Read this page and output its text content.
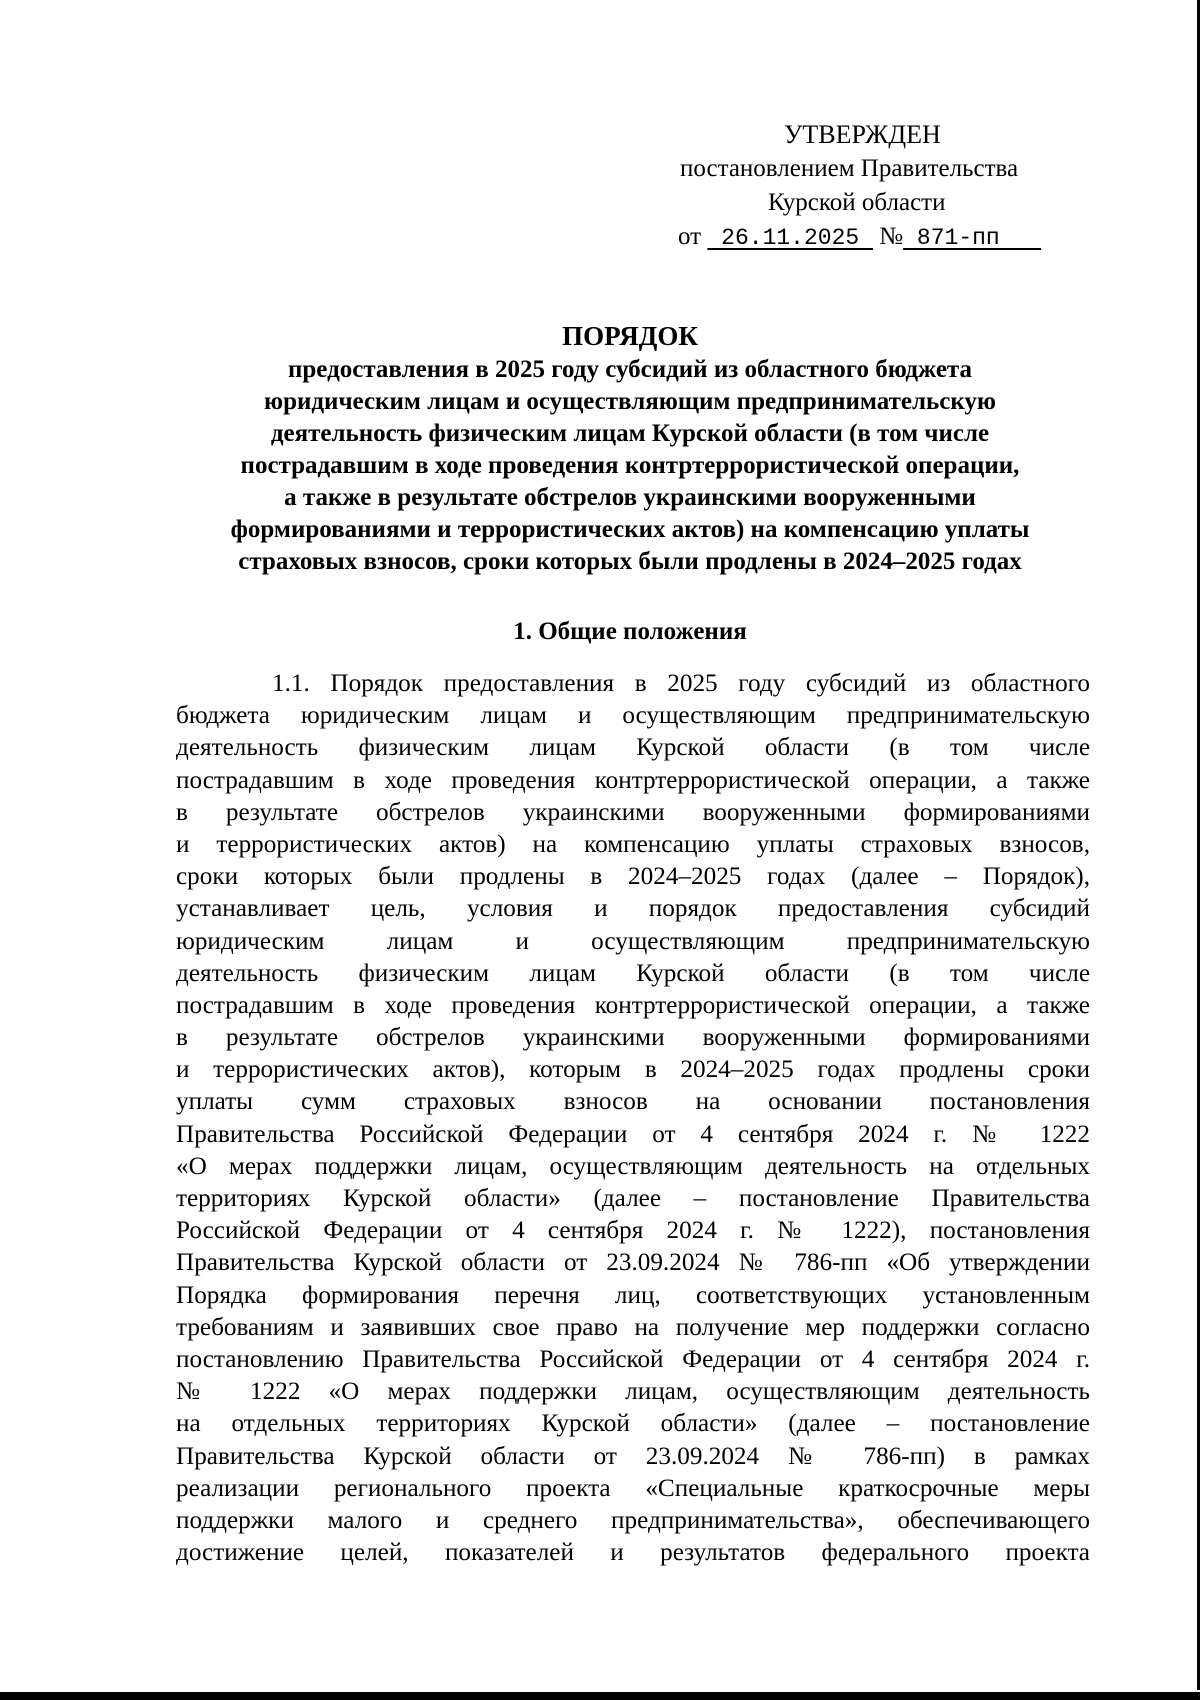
УТВЕРЖДЕН
постановлением Правительства
Курской области
от  26.11.2025  № 871-пп
ПОРЯДОК
предоставления в 2025 году субсидий из областного бюджета
юридическим лицам и осуществляющим предпринимательскую
деятельность физическим лицам Курской области (в том числе
пострадавшим в ходе проведения контртеррористической операции,
а также в результате обстрелов украинскими вооруженными
формированиями и террористических актов) на компенсацию уплаты
страховых взносов, сроки которых были продлены в 2024–2025 годах
1. Общие положения
1.1. Порядок предоставления в 2025 году субсидий из областного
бюджета юридическим лицам и осуществляющим предпринимательскую
деятельность физическим лицам Курской области (в том числе
пострадавшим в ходе проведения контртеррористической операции, а также
в результате обстрелов украинскими вооруженными формированиями
и террористических актов) на компенсацию уплаты страховых взносов,
сроки которых были продлены в 2024–2025 годах (далее – Порядок),
устанавливает цель, условия и порядок предоставления субсидий
юридическим лицам и осуществляющим предпринимательскую
деятельность физическим лицам Курской области (в том числе
пострадавшим в ходе проведения контртеррористической операции, а также
в результате обстрелов украинскими вооруженными формированиями
и террористических актов), которым в 2024–2025 годах продлены сроки
уплаты сумм страховых взносов на основании постановления
Правительства Российской Федерации от 4 сентября 2024 г. № 1222
«О мерах поддержки лицам, осуществляющим деятельность на отдельных
территориях Курской области» (далее – постановление Правительства
Российской Федерации от 4 сентября 2024 г. № 1222), постановления
Правительства Курской области от 23.09.2024 № 786-пп «Об утверждении
Порядка формирования перечня лиц, соответствующих установленным
требованиям и заявивших свое право на получение мер поддержки согласно
постановлению Правительства Российской Федерации от 4 сентября 2024 г.
№ 1222 «О мерах поддержки лицам, осуществляющим деятельность
на отдельных территориях Курской области» (далее – постановление
Правительства Курской области от 23.09.2024 № 786-пп) в рамках
реализации регионального проекта «Специальные краткосрочные меры
поддержки малого и среднего предпринимательства», обеспечивающего
достижение целей, показателей и результатов федерального проекта
